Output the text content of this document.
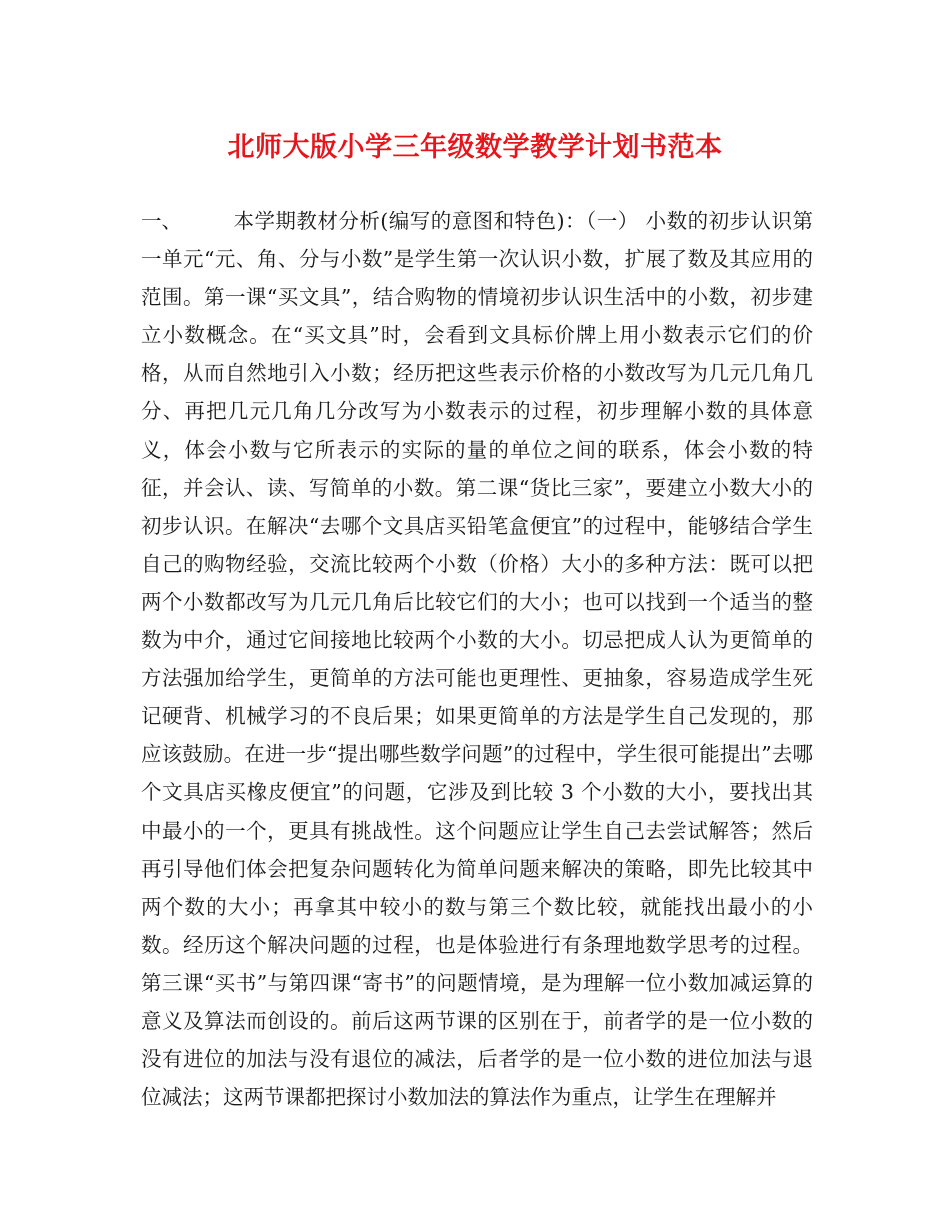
北师大版小学三年级数学教学计划书范本
一、 本学期教材分析(编写的意图和特色)：（一） 小数的初步认识第一单元“元、角、分与小数”是学生第一次认识小数，扩展了数及其应用的范围。第一课“买文具”，结合购物的情境初步认识生活中的小数，初步建立小数概念。在“买文具”时，会看到文具标价牌上用小数表示它们的价格，从而自然地引入小数；经历把这些表示价格的小数改写为几元几角几分、再把几元几角几分改写为小数表示的过程，初步理解小数的具体意义，体会小数与它所表示的实际的量的单位之间的联系，体会小数的特征，并会认、读、写简单的小数。第二课“货比三家”，要建立小数大小的初步认识。在解决“去哪个文具店买铅笔盒便宜”的过程中，能够结合学生自己的购物经验，交流比较两个小数（价格）大小的多种方法：既可以把两个小数都改写为几元几角后比较它们的大小；也可以找到一个适当的整数为中介，通过它间接地比较两个小数的大小。切忌把成人认为更简单的方法强加给学生，更简单的方法可能也更理性、更抽象，容易造成学生死记硬背、机械学习的不良后果；如果更简单的方法是学生自己发现的，那应该鼓励。在进一步“提出哪些数学问题”的过程中，学生很可能提出”去哪个文具店买橡皮便宜”的问题，它涉及到比较 3 个小数的大小，要找出其中最小的一个，更具有挑战性。这个问题应让学生自己去尝试解答；然后再引导他们体会把复杂问题转化为简单问题来解决的策略，即先比较其中两个数的大小；再拿其中较小的数与第三个数比较，就能找出最小的小数。经历这个解决问题的过程，也是体验进行有条理地数学思考的过程。第三课“买书”与第四课“寄书”的问题情境，是为理解一位小数加减运算的意义及算法而创设的。前后这两节课的区别在于，前者学的是一位小数的没有进位的加法与没有退位的减法，后者学的是一位小数的进位加法与退位减法；这两节课都把探讨小数加法的算法作为重点，让学生在理解并
